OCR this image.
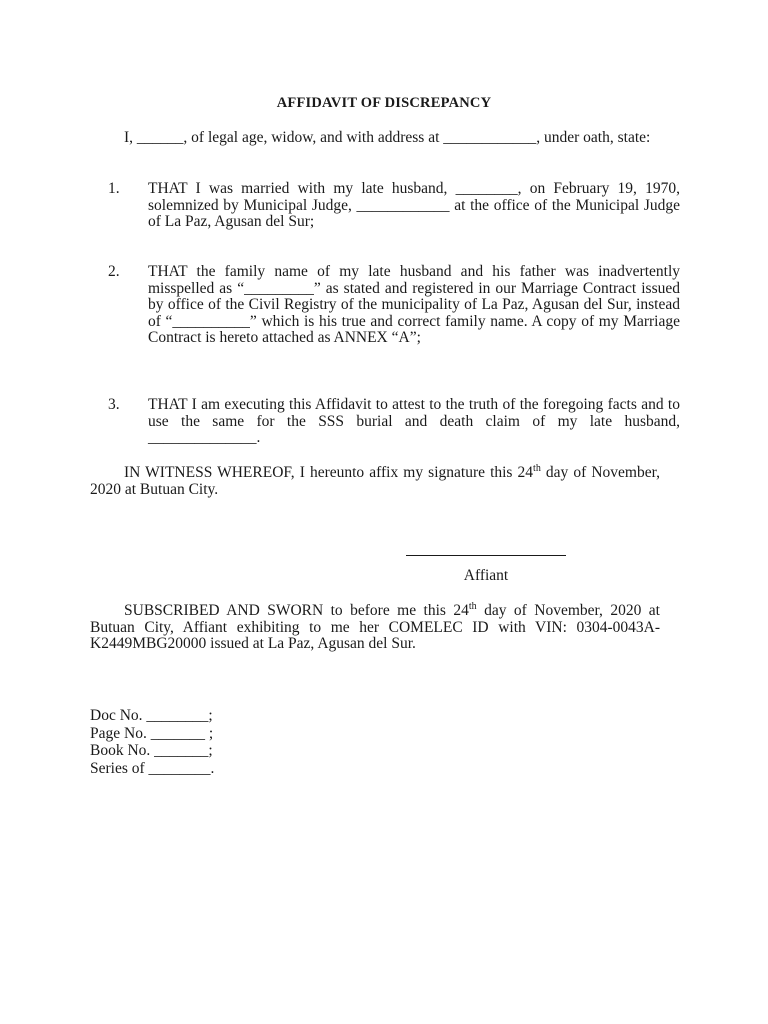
AFFIDAVIT OF DISCREPANCY
I, ______, of legal age, widow, and with address at ____________, under oath, state:
1. THAT I was married with my late husband, ________, on February 19, 1970, solemnized by Municipal Judge, ____________ at the office of the Municipal Judge of La Paz, Agusan del Sur;
2. THAT the family name of my late husband and his father was inadvertently misspelled as “_________” as stated and registered in our Marriage Contract issued by office of the Civil Registry of the municipality of La Paz, Agusan del Sur, instead of “__________” which is his true and correct family name. A copy of my Marriage Contract is hereto attached as ANNEX “A”;
3. THAT I am executing this Affidavit to attest to the truth of the foregoing facts and to use the same for the SSS burial and death claim of my late husband, ______________.
IN WITNESS WHEREOF, I hereunto affix my signature this 24th day of November, 2020 at Butuan City.
Affiant
SUBSCRIBED AND SWORN to before me this 24th day of November, 2020 at Butuan City, Affiant exhibiting to me her COMELEC ID with VIN: 0304-0043A-K2449MBG20000 issued at La Paz, Agusan del Sur.
Doc No. ________;
Page No. _______ ;
Book No. _______;
Series of ________.
